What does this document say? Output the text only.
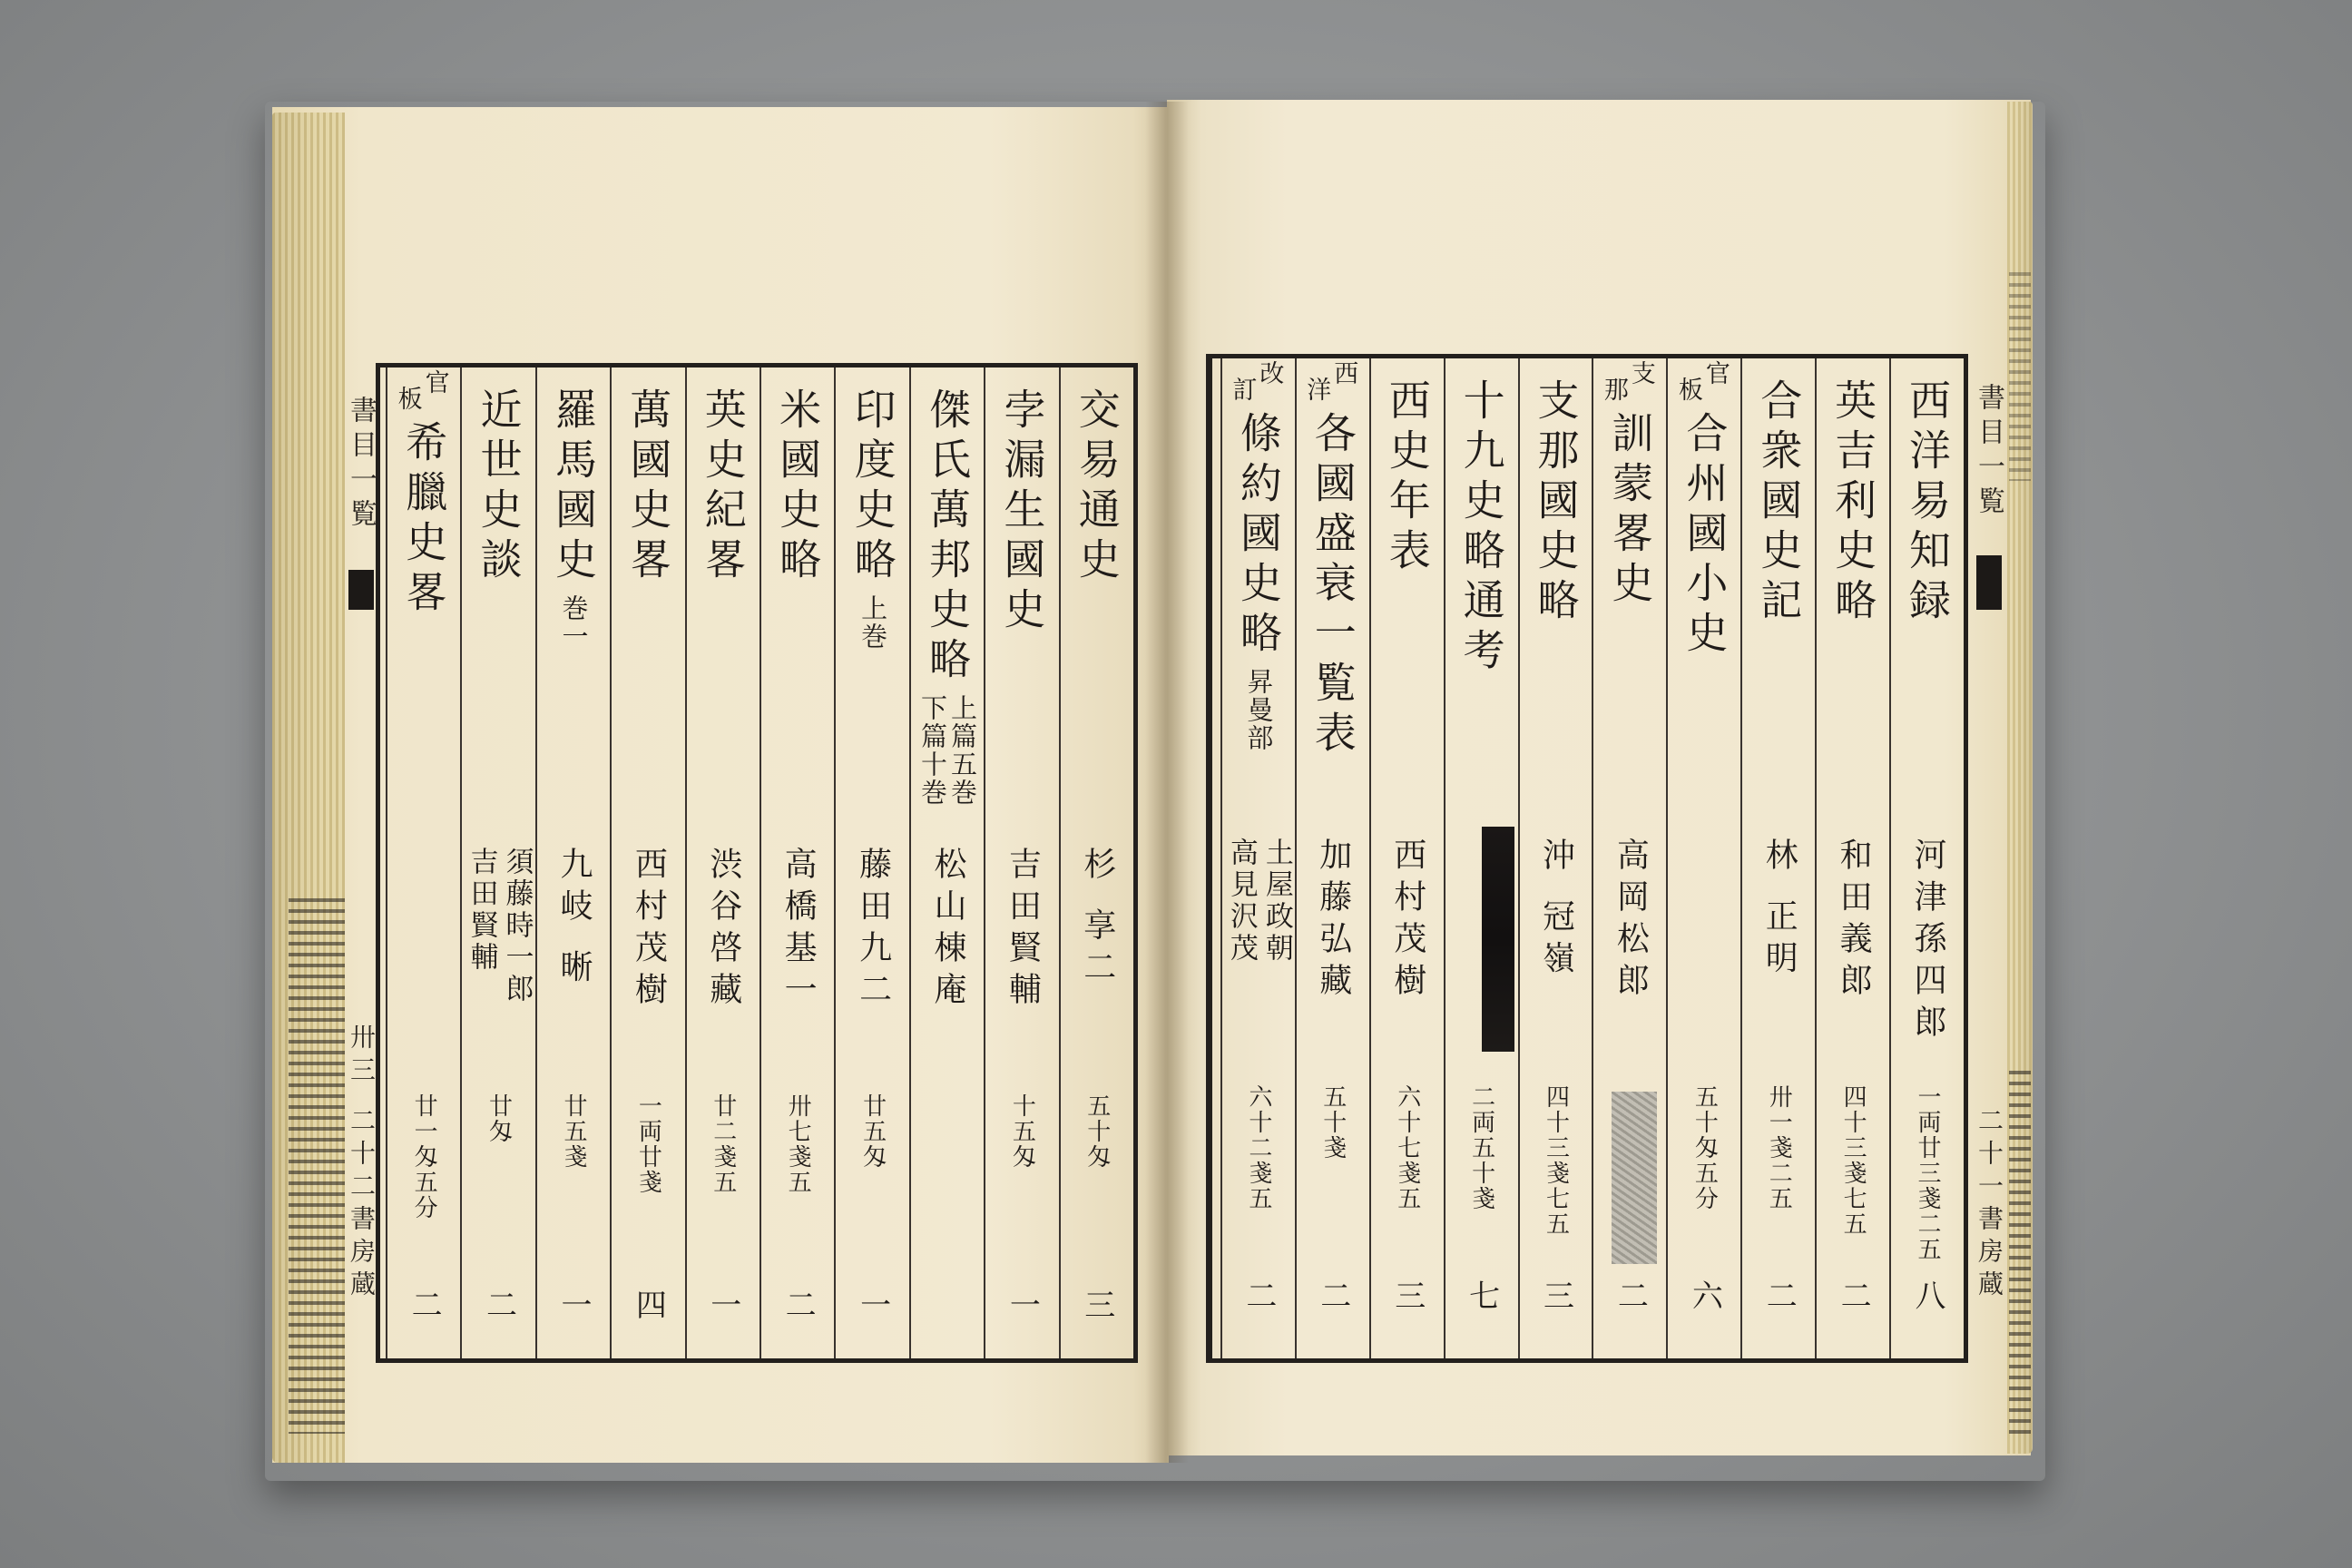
書目一覧
卅三
二十二書房蔵
書目一覧
二十一書房蔵
交易通史
杉 享二
五十匁
三
孛漏生國史
吉田賢輔
十五匁
一
傑氏萬邦史略
上篇五巻
下篇十巻
松山棟庵
印度史略
上巻
藤田九二
廿五匁
一
米國史略
高橋基一
卅七戔五
二
英史紀畧
渋谷啓藏
廿二戔五
一
萬國史畧
西村茂樹
一両廿戔
四
羅馬國史
巻一
九岐 晰
廿五戔
一
近世史談
須藤時一郎
吉田賢輔
廿匁
二
官
板
希臘史畧
廿一匁五分
二
西洋易知録
河津孫四郎
一両廿三戔二五
八
英吉利史略
和田義郎
四十三戔七五
二
合衆國史記
林 正明
卅一戔二五
二
官
板
合州國小史
五十匁五分
六
支
那
訓蒙畧史
高岡松郎
二
支那國史略
沖 冠嶺
四十三戔七五
三
十九史略通考
二両五十戔
七
西史年表
西村茂樹
六十七戔五
三
西
洋
各國盛衰一覧表
加藤弘藏
五十戔
二
改
訂
條約國史略
昇曼部
土屋政朝
高見沢茂
六十二戔五
二
